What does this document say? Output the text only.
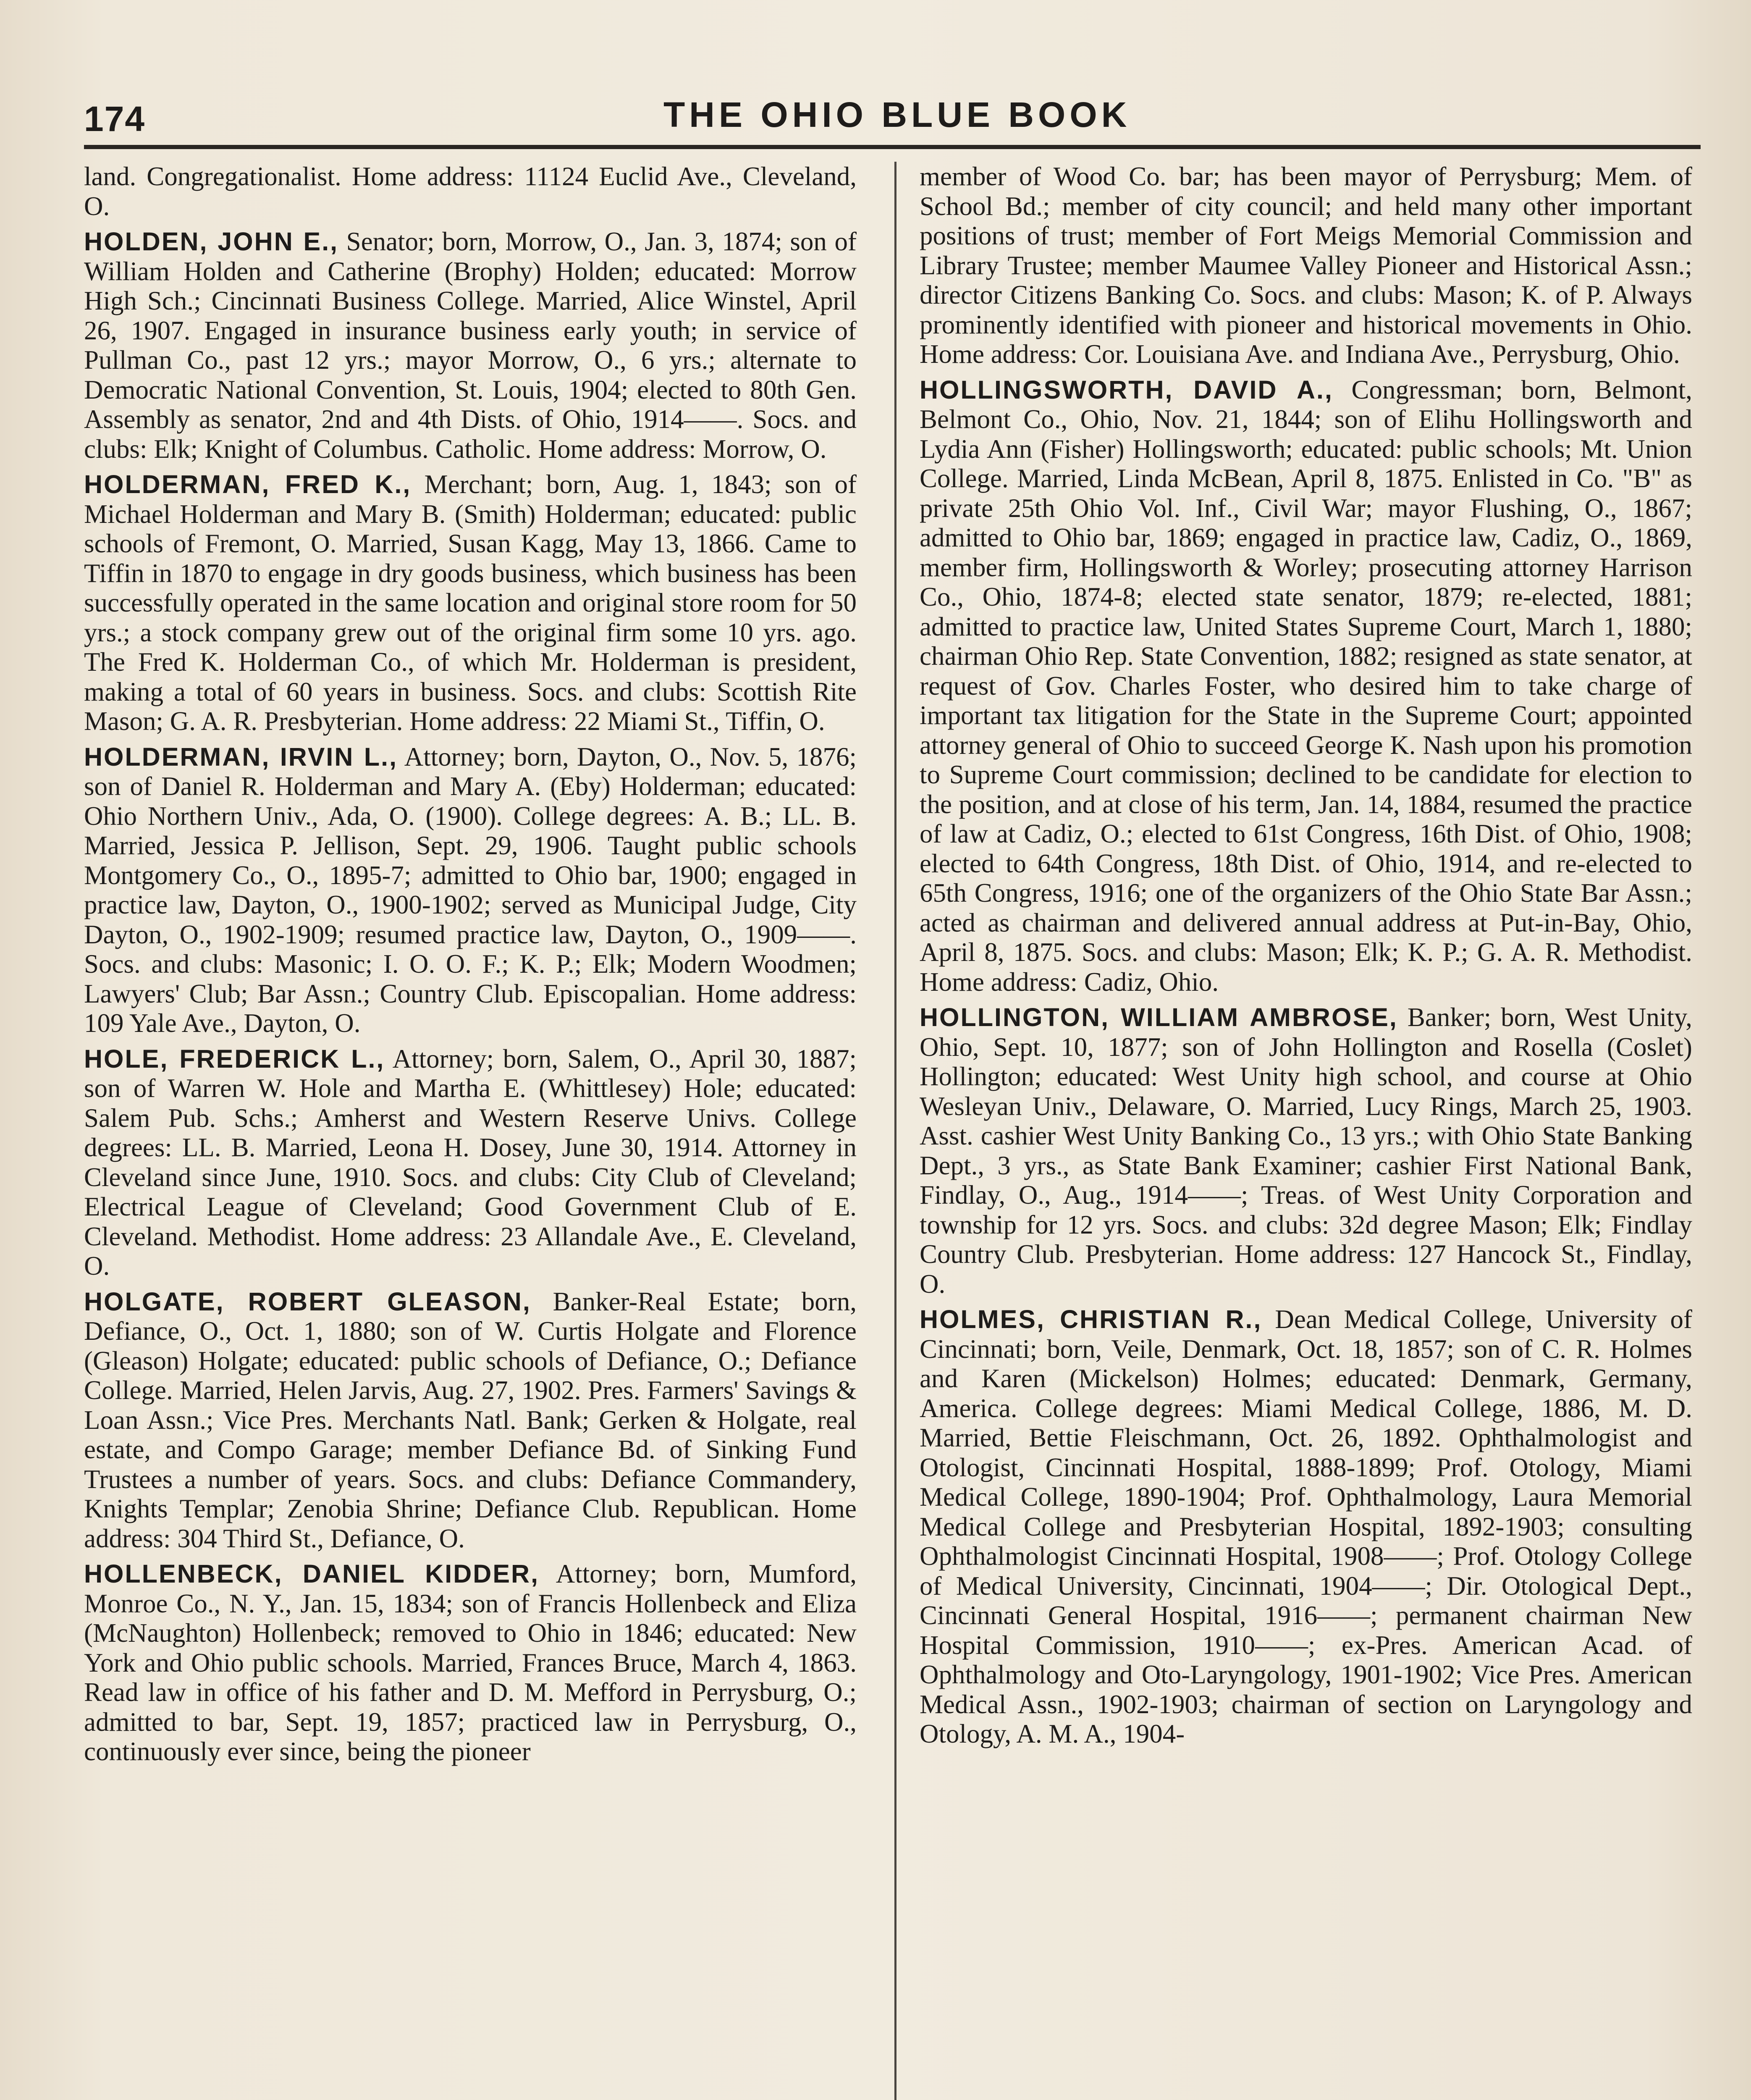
174	THE OHIO BLUE BOOK

land. Congregationalist. Home address: 11124 Euclid Ave., Cleveland, O.

HOLDEN, JOHN E., Senator; born, Morrow, O., Jan. 3, 1874; son of William Holden and Catherine (Brophy) Holden; educated: Morrow High Sch.; Cincinnati Business College. Married, Alice Winstel, April 26, 1907. Engaged in insurance business early youth; in service of Pullman Co., past 12 yrs.; mayor Morrow, O., 6 yrs.; alternate to Democratic National Convention, St. Louis, 1904; elected to 80th Gen. Assembly as senator, 2nd and 4th Dists. of Ohio, 1914——. Socs. and clubs: Elk; Knight of Columbus. Catholic. Home address: Morrow, O.

HOLDERMAN, FRED K., Merchant; born, Aug. 1, 1843; son of Michael Holderman and Mary B. (Smith) Holderman; educated: public schools of Fremont, O. Married, Susan Kagg, May 13, 1866. Came to Tiffin in 1870 to engage in dry goods business, which business has been successfully operated in the same location and original store room for 50 yrs.; a stock company grew out of the original firm some 10 yrs. ago. The Fred K. Holderman Co., of which Mr. Holderman is president, making a total of 60 years in business. Socs. and clubs: Scottish Rite Mason; G. A. R. Presbyterian. Home address: 22 Miami St., Tiffin, O.

HOLDERMAN, IRVIN L., Attorney; born, Dayton, O., Nov. 5, 1876; son of Daniel R. Holderman and Mary A. (Eby) Holderman; educated: Ohio Northern Univ., Ada, O. (1900). College degrees: A. B.; LL. B. Married, Jessica P. Jellison, Sept. 29, 1906. Taught public schools Montgomery Co., O., 1895-7; admitted to Ohio bar, 1900; engaged in practice law, Dayton, O., 1900-1902; served as Municipal Judge, City Dayton, O., 1902-1909; resumed practice law, Dayton, O., 1909——. Socs. and clubs: Masonic; I. O. O. F.; K. P.; Elk; Modern Woodmen; Lawyers' Club; Bar Assn.; Country Club. Episcopalian. Home address: 109 Yale Ave., Dayton, O.

HOLE, FREDERICK L., Attorney; born, Salem, O., April 30, 1887; son of Warren W. Hole and Martha E. (Whittlesey) Hole; educated: Salem Pub. Schs.; Amherst and Western Reserve Univs. College degrees: LL. B. Married, Leona H. Dosey, June 30, 1914. Attorney in Cleveland since June, 1910. Socs. and clubs: City Club of Cleveland; Electrical League of Cleveland; Good Government Club of E. Cleveland. Methodist. Home address: 23 Allandale Ave., E. Cleveland, O.

HOLGATE, ROBERT GLEASON, Banker-Real Estate; born, Defiance, O., Oct. 1, 1880; son of W. Curtis Holgate and Florence (Gleason) Holgate; educated: public schools of Defiance, O.; Defiance College. Married, Helen Jarvis, Aug. 27, 1902. Pres. Farmers' Savings & Loan Assn.; Vice Pres. Merchants Natl. Bank; Gerken & Holgate, real estate, and Compo Garage; member Defiance Bd. of Sinking Fund Trustees a number of years. Socs. and clubs: Defiance Commandery, Knights Templar; Zenobia Shrine; Defiance Club. Republican. Home address: 304 Third St., Defiance, O.

HOLLENBECK, DANIEL KIDDER, Attorney; born, Mumford, Monroe Co., N. Y., Jan. 15, 1834; son of Francis Hollenbeck and Eliza (McNaughton) Hollenbeck; removed to Ohio in 1846; educated: New York and Ohio public schools. Married, Frances Bruce, March 4, 1863. Read law in office of his father and D. M. Mefford in Perrysburg, O.; admitted to bar, Sept. 19, 1857; practiced law in Perrysburg, O., continuously ever since, being the pioneer

member of Wood Co. bar; has been mayor of Perrysburg; Mem. of School Bd.; member of city council; and held many other important positions of trust; member of Fort Meigs Memorial Commission and Library Trustee; member Maumee Valley Pioneer and Historical Assn.; director Citizens Banking Co. Socs. and clubs: Mason; K. of P. Always prominently identified with pioneer and historical movements in Ohio. Home address: Cor. Louisiana Ave. and Indiana Ave., Perrysburg, Ohio.

HOLLINGSWORTH, DAVID A., Congressman; born, Belmont, Belmont Co., Ohio, Nov. 21, 1844; son of Elihu Hollingsworth and Lydia Ann (Fisher) Hollingsworth; educated: public schools; Mt. Union College. Married, Linda McBean, April 8, 1875. Enlisted in Co. "B" as private 25th Ohio Vol. Inf., Civil War; mayor Flushing, O., 1867; admitted to Ohio bar, 1869; engaged in practice law, Cadiz, O., 1869, member firm, Hollingsworth & Worley; prosecuting attorney Harrison Co., Ohio, 1874-8; elected state senator, 1879; re-elected, 1881; admitted to practice law, United States Supreme Court, March 1, 1880; chairman Ohio Rep. State Convention, 1882; resigned as state senator, at request of Gov. Charles Foster, who desired him to take charge of important tax litigation for the State in the Supreme Court; appointed attorney general of Ohio to succeed George K. Nash upon his promotion to Supreme Court commission; declined to be candidate for election to the position, and at close of his term, Jan. 14, 1884, resumed the practice of law at Cadiz, O.; elected to 61st Congress, 16th Dist. of Ohio, 1908; elected to 64th Congress, 18th Dist. of Ohio, 1914, and re-elected to 65th Congress, 1916; one of the organizers of the Ohio State Bar Assn.; acted as chairman and delivered annual address at Put-in-Bay, Ohio, April 8, 1875. Socs. and clubs: Mason; Elk; K. P.; G. A. R. Methodist. Home address: Cadiz, Ohio.

HOLLINGTON, WILLIAM AMBROSE, Banker; born, West Unity, Ohio, Sept. 10, 1877; son of John Hollington and Rosella (Coslet) Hollington; educated: West Unity high school, and course at Ohio Wesleyan Univ., Delaware, O. Married, Lucy Rings, March 25, 1903. Asst. cashier West Unity Banking Co., 13 yrs.; with Ohio State Banking Dept., 3 yrs., as State Bank Examiner; cashier First National Bank, Findlay, O., Aug., 1914——; Treas. of West Unity Corporation and township for 12 yrs. Socs. and clubs: 32d degree Mason; Elk; Findlay Country Club. Presbyterian. Home address: 127 Hancock St., Findlay, O.

HOLMES, CHRISTIAN R., Dean Medical College, University of Cincinnati; born, Veile, Denmark, Oct. 18, 1857; son of C. R. Holmes and Karen (Mickelson) Holmes; educated: Denmark, Germany, America. College degrees: Miami Medical College, 1886, M. D. Married, Bettie Fleischmann, Oct. 26, 1892. Ophthalmologist and Otologist, Cincinnati Hospital, 1888-1899; Prof. Otology, Miami Medical College, 1890-1904; Prof. Ophthalmology, Laura Memorial Medical College and Presbyterian Hospital, 1892-1903; consulting Ophthalmologist Cincinnati Hospital, 1908——; Prof. Otology College of Medical University, Cincinnati, 1904——; Dir. Otological Dept., Cincinnati General Hospital, 1916——; permanent chairman New Hospital Commission, 1910——; ex-Pres. American Acad. of Ophthalmology and Oto-Laryngology, 1901-1902; Vice Pres. American Medical Assn., 1902-1903; chairman of section on Laryngology and Otology, A. M. A., 1904-
